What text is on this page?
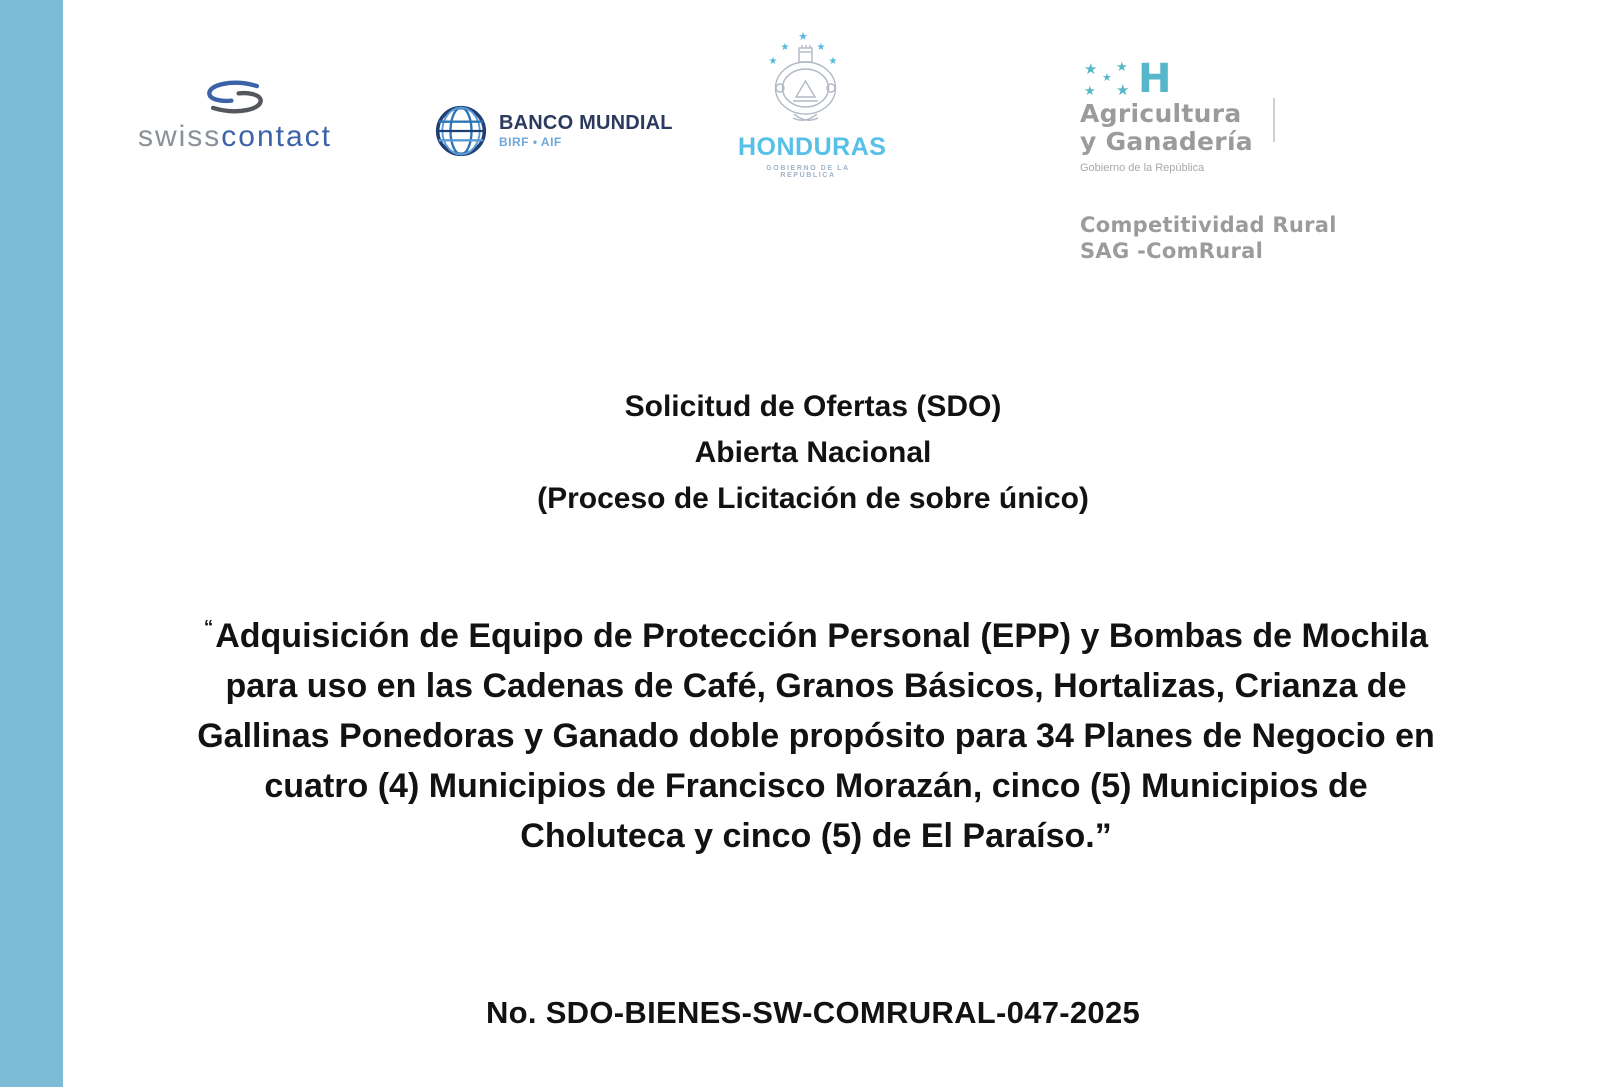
swisscontact	BANCO MUNDIAL
BIRF • AIF
★
★	★
★	★
HONDURAS
GOBIERNO DE LA REPÚBLICA
★ ★
★
★ ★ H
Agricultura
y Ganadería
Gobierno de la República

Competitividad Rural
SAG -ComRural
Solicitud de Ofertas (SDO)
Abierta Nacional
(Proceso de Licitación de sobre único)
“Adquisición de Equipo de Protección Personal (EPP) y Bombas de Mochila para uso en las Cadenas de Café, Granos Básicos, Hortalizas, Crianza de Gallinas Ponedoras y Ganado doble propósito para 34 Planes de Negocio en cuatro (4) Municipios de Francisco Morazán, cinco (5) Municipios de Choluteca y cinco (5) de El Paraíso.”
No. SDO-BIENES-SW-COMRURAL-047-2025
